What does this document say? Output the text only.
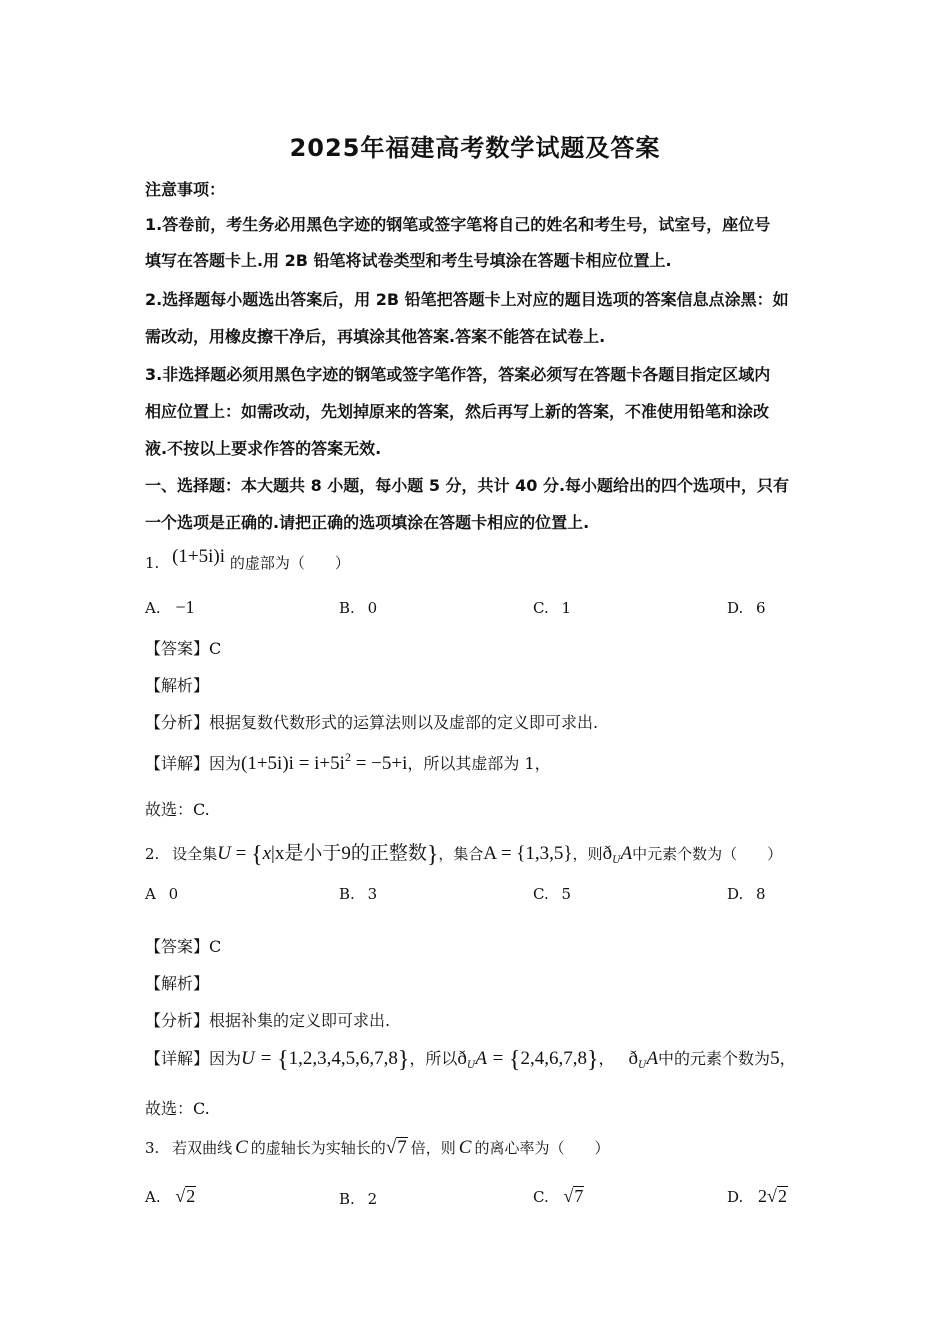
2025年福建高考数学试题及答案
注意事项：
1.答卷前，考生务必用黑色字迹的钢笔或签字笔将自己的姓名和考生号，试室号，座位号
填写在答题卡上.用 2B 铅笔将试卷类型和考生号填涂在答题卡相应位置上.
2.选择题每小题选出答案后，用 2B 铅笔把答题卡上对应的题目选项的答案信息点涂黑：如
需改动，用橡皮擦干净后，再填涂其他答案.答案不能答在试卷上.
3.非选择题必须用黑色字迹的钢笔或签字笔作答，答案必须写在答题卡各题目指定区域内
相应位置上：如需改动，先划掉原来的答案，然后再写上新的答案，不准使用铅笔和涂改
液.不按以上要求作答的答案无效.
一、选择题：本大题共 8 小题，每小题 5 分，共计 40 分.每小题给出的四个选项中，只有
一个选项是正确的.请把正确的选项填涂在答题卡相应的位置上.
1. (1+5i)i 的虚部为（　　）
A. −1	B. 0	C. 1	D. 6
【答案】C
【解析】
【分析】根据复数代数形式的运算法则以及虚部的定义即可求出.
【详解】因为$(1+5i)i = i+5i^2 = -5+i$，所以其虚部为 1，
故选：C.
2. 设全集U = {x|x是小于9的正整数}，集合A = {1,3,5}，则$ð_UA$中元素个数为（　　）
A 0	B. 3	C. 5	D. 8
【答案】C
【解析】
【分析】根据补集的定义即可求出.
【详解】因为U = {1,2,3,4,5,6,7,8}，所以$ð_UA = \{2,4,6,7,8\}$， $ð_UA$中的元素个数为5，
故选：C.
3. 若双曲线 C 的虚轴长为实轴长的√7 倍，则 C 的离心率为（　　）
A. √2	B. 2	C. √7	D. 2√2
